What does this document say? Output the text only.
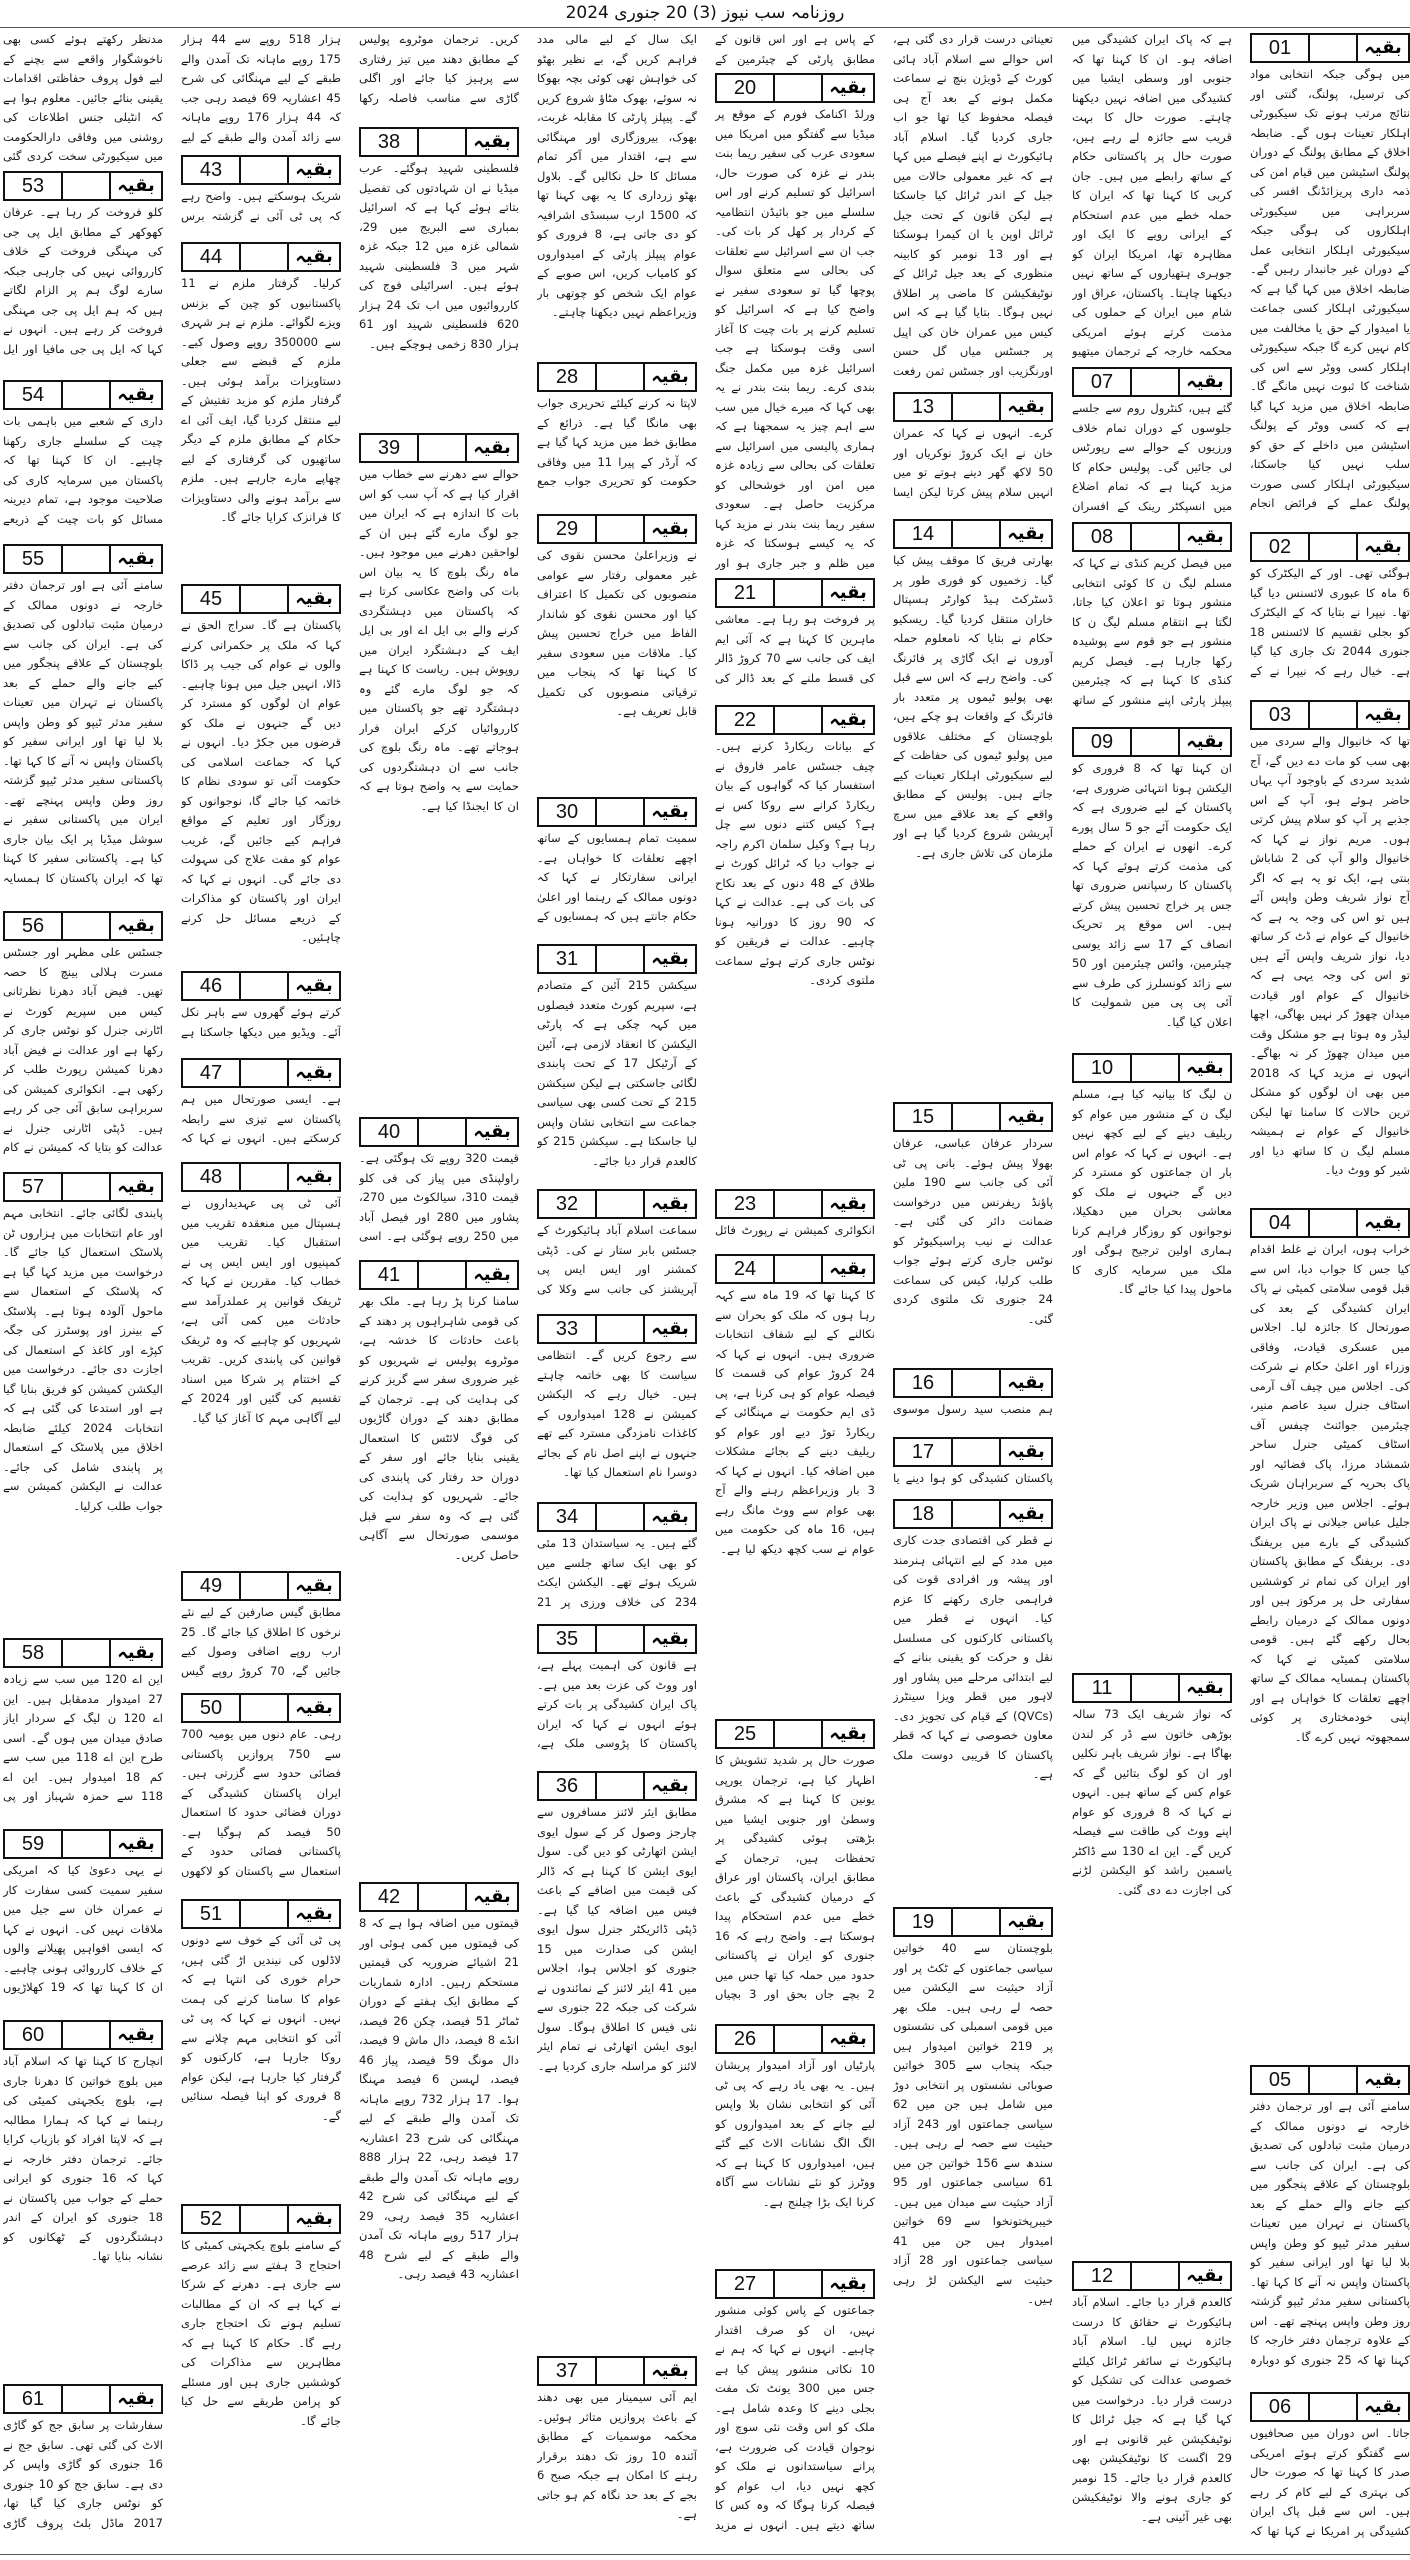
روزنامہ سب نیوز (3) 20 جنوری 2024
01	بقیہ
میں ہوگی جبکہ انتخابی مواد کی ترسیل، پولنگ، گنتی اور نتائج مرتب ہونے تک سیکیورٹی اہلکار تعینات ہوں گے۔ ضابطہ اخلاق کے مطابق پولنگ کے دوران پولنگ اسٹیشن میں قیام امن کی ذمہ داری پریزائڈنگ افسر کی سربراہی میں سیکیورٹی اہلکاروں کی ہوگی جبکہ سیکیورٹی اہلکار انتخابی عمل کے دوران غیر جانبدار رہیں گے۔ ضابطہ اخلاق میں کہا گیا ہے کہ سیکیورٹی اہلکار کسی جماعت یا امیدوار کے حق یا مخالفت میں کام نہیں کرے گا جبکہ سیکیورٹی اہلکار کسی ووٹر سے اس کی شناخت کا ثبوت نہیں مانگے گا۔ ضابطہ اخلاق میں مزید کہا گیا ہے کہ کسی ووٹر کے پولنگ اسٹیشن میں داخلے کے حق کو سلب نہیں کیا جاسکتا، سیکیورٹی اہلکار کسی صورت پولنگ عملے کے فرائض انجام
02	بقیہ
ہوگئی تھی۔ اور کے الیکٹرک کو 6 ماہ کا عبوری لائسنس دیا گیا تھا۔ نیپرا نے بتایا کہ کے الیکٹرک کو بجلی تقسیم کا لائسنس 18 جنوری 2044 تک جاری کیا گیا ہے۔ خیال رہے کہ نیپرا نے کے
03	بقیہ
تھا کہ خانیوال والے سردی میں بھی سب کو مات دے دیں گے، آج شدید سردی کے باوجود آپ یہاں حاضر ہوئے ہو، آپ کے اس جذبے پر آپ کو سلام پیش کرتی ہوں۔ مریم نواز نے کہا کہ خانیوال والو آپ کی 2 شاباش بنتی ہے، ایک تو یہ ہے کہ اگر آج نواز شریف وطن واپس آئے ہیں تو اس کی وجہ یہ ہے کہ خانیوال کے عوام نے ڈٹ کر ساتھ دیا، نواز شریف واپس آئے ہیں تو اس کی وجہ یہی ہے کہ خانیوال کے عوام اور قیادت میدان چھوڑ کر نہیں بھاگی، اچھا لیڈر وہ ہوتا ہے جو مشکل وقت میں میدان چھوڑ کر نہ بھاگے۔ انہوں نے مزید کہا کہ 2018 میں بھی ان لوگوں کو مشکل ترین حالات کا سامنا تھا لیکن خانیوال کے عوام نے ہمیشہ مسلم لیگ ن کا ساتھ دیا اور شیر کو ووٹ دیا۔
04	بقیہ
خراب ہوں، ایران نے غلط اقدام کیا جس کا جواب دیا، اس سے قبل قومی سلامتی کمیٹی نے پاک ایران کشیدگی کے بعد کی صورتحال کا جائزہ لیا۔ اجلاس میں عسکری قیادت، وفاقی وزراء اور اعلیٰ حکام نے شرکت کی۔ اجلاس میں چیف آف آرمی اسٹاف جنرل سید عاصم منیر، چیئرمین جوائنٹ چیفس آف اسٹاف کمیٹی جنرل ساحر شمشاد مرزا، پاک فضائیہ اور پاک بحریہ کے سربراہان شریک ہوئے۔ اجلاس میں وزیر خارجہ جلیل عباس جیلانی نے پاک ایران کشیدگی کے بارے میں بریفنگ دی۔ بریفنگ کے مطابق پاکستان اور ایران کی تمام تر کوششیں سفارتی حل پر مرکوز ہیں اور دونوں ممالک کے درمیان رابطے بحال رکھے گئے ہیں۔ قومی سلامتی کمیٹی نے کہا کہ پاکستان ہمسایہ ممالک کے ساتھ اچھے تعلقات کا خواہاں ہے اور اپنی خودمختاری پر کوئی سمجھوتہ نہیں کرے گا۔
05	بقیہ
سامنے آئی ہے اور ترجمان دفتر خارجہ نے دونوں ممالک کے درمیان مثبت تبادلوں کی تصدیق کی ہے۔ ایران کی جانب سے بلوچستان کے علاقے پنجگور میں کیے جانے والے حملے کے بعد پاکستان نے تہران میں تعینات سفیر مدثر ٹیپو کو وطن واپس بلا لیا تھا اور ایرانی سفیر کو پاکستان واپس نہ آنے کا کہا تھا۔ پاکستانی سفیر مدثر ٹیپو گزشتہ روز وطن واپس پہنچے تھے۔ اس کے علاوہ ترجمان دفتر خارجہ کا کہنا تھا کہ 25 جنوری کو دوبارہ
06	بقیہ
جاتا۔ اس دوران میں صحافیوں سے گفتگو کرتے ہوئے امریکی صدر کا کہنا تھا کہ صورت حال کی بہتری کے لیے کام کر رہے ہیں۔ اس سے قبل پاک ایران کشیدگی پر امریکا نے کہا تھا کہ
ہے کہ پاک ایران کشیدگی میں اضافہ ہو۔ ان کا کہنا تھا کہ جنوبی اور وسطی ایشیا میں کشیدگی میں اضافہ نہیں دیکھنا چاہتے۔ صورت حال کا بہت قریب سے جائزہ لے رہے ہیں، صورت حال پر پاکستانی حکام کے ساتھ رابطے میں ہیں۔ جان کربی کا کہنا تھا کہ ایران کا حملہ خطے میں عدم استحکام کے ایرانی رویے کا ایک اور مظاہرہ تھا، امریکا ایران کو جوہری ہتھیاروں کے ساتھ نہیں دیکھنا چاہتا۔ پاکستان، عراق اور شام میں ایران کے حملوں کی مذمت کرتے ہوئے امریکی محکمہ خارجہ کے ترجمان میتھیو
07	بقیہ
گئے ہیں، کنٹرول روم سے جلسے جلوسوں کے دوران تمام خلاف ورزیوں کے حوالے سے رپورٹس لی جائیں گی۔ پولیس حکام کا مزید کہنا ہے کہ تمام اضلاع میں انسپکٹر رینک کے افسران
08	بقیہ
میں فیصل کریم کنڈی نے کہا کہ مسلم لیگ ن کا کوئی انتخابی منشور ہوتا تو اعلان کیا جاتا، لگتا ہے انتقام مسلم لیگ ن کا منشور ہے جو قوم سے پوشیدہ رکھا جارہا ہے۔ فیصل کریم کنڈی کا کہنا ہے کہ چیئرمین پیپلز پارٹی اپنے منشور کے ساتھ
09	بقیہ
ان کہنا تھا کہ 8 فروری کو الیکشن ہونا انتہائی ضروری ہے، پاکستان کے لیے ضروری ہے کہ ایک حکومت آئے جو 5 سال پورے کرے۔ انھوں نے ایران کے حملے کی مذمت کرتے ہوئے کہا کہ پاکستان کا رسپانس ضروری تھا جس پر خراج تحسین پیش کرتے ہیں۔ اس موقع پر تحریک انصاف کے 17 سے زائد یوسی چیئرمین، وائس چیئرمین اور 50 سے زائد کونسلرز کی طرف سے آئی پی پی میں شمولیت کا اعلان کیا گیا۔
10	بقیہ
ن لیگ کا بیانیہ کیا ہے، مسلم لیگ ن کے منشور میں عوام کو ریلیف دینے کے لیے کچھ نہیں ہے۔ انہوں نے کہا کہ عوام اس بار ان جماعتوں کو مسترد کر دیں گے جنہوں نے ملک کو معاشی بحران میں دھکیلا، نوجوانوں کو روزگار فراہم کرنا ہماری اولین ترجیح ہوگی اور ملک میں سرمایہ کاری کا ماحول پیدا کیا جائے گا۔
11	بقیہ
کہ نواز شریف ایک 73 سالہ بوڑھی خاتون سے ڈر کر لندن بھاگا ہے۔ نواز شریف باہر نکلیں اور ان کو لوگ بتائیں گے کہ عوام کس کے ساتھ ہیں۔ انہوں نے کہا کہ 8 فروری کو عوام اپنے ووٹ کی طاقت سے فیصلہ کریں گے۔ این اے 130 سے ڈاکٹر یاسمین راشد کو الیکشن لڑنے کی اجازت دے دی گئی۔
12	بقیہ
کالعدم قرار دیا جائے۔ اسلام آباد ہائیکورٹ نے حقائق کا درست جائزہ نہیں لیا۔ اسلام آباد ہائیکورٹ نے سائفر ٹرائل کیلئے خصوصی عدالت کی تشکیل کو درست قرار دیا۔ درخواست میں کہا گیا ہے کہ جیل ٹرائل کا نوٹیفکیشن غیر قانونی ہے اور 29 اگست کا نوٹیفکیشن بھی کالعدم قرار دیا جائے۔ 15 نومبر کو جاری ہونے والا نوٹیفکیشن بھی غیر آئینی ہے۔
تعیناتی درست قرار دی گئی ہے، اس حوالے سے اسلام آباد ہائی کورٹ کے ڈویژن بنچ نے سماعت مکمل ہونے کے بعد آج ہی فیصلہ محفوظ کیا تھا جو اب جاری کردیا گیا۔ اسلام آباد ہائیکورٹ نے اپنے فیصلے میں کہا ہے کہ غیر معمولی حالات میں جیل کے اندر ٹرائل کیا جاسکتا ہے لیکن قانون کے تحت جیل ٹرائل اوپن یا ان کیمرا ہوسکتا ہے اور 13 نومبر کو کابینہ منظوری کے بعد جیل ٹرائل کے نوٹیفکیشن کا ماضی پر اطلاق نہیں ہوگا۔ بتایا گیا ہے کہ اس کیس میں عمران خان کی اپیل پر جسٹس میاں گل حسن اورنگزیب اور جسٹس ثمن رفعت
13	بقیہ
کرے۔ انہوں نے کہا کہ عمران خان نے ایک کروڑ نوکریاں اور 50 لاکھ گھر دینے ہوتے تو میں انہیں سلام پیش کرتا لیکن ایسا
14	بقیہ
بھارتی فریق کا موقف پیش کیا گیا۔ زخمیوں کو فوری طور پر ڈسٹرکٹ ہیڈ کوارٹر ہسپتال خاران منتقل کردیا گیا۔ ریسکیو حکام نے بتایا کہ نامعلوم حملہ آوروں نے ایک گاڑی پر فائرنگ کی۔ واضح رہے کہ اس سے قبل بھی پولیو ٹیموں پر متعدد بار فائرنگ کے واقعات ہو چکے ہیں، بلوچستان کے مختلف علاقوں میں پولیو ٹیموں کی حفاظت کے لیے سیکیورٹی اہلکار تعینات کیے جاتے ہیں۔ پولیس کے مطابق واقعے کے بعد علاقے میں سرچ آپریشن شروع کردیا گیا ہے اور ملزمان کی تلاش جاری ہے۔
15	بقیہ
سردار عرفان عباسی، عرفان بھولا پیش ہوئے۔ بانی پی ٹی آئی کی جانب سے 190 ملین پاؤنڈ ریفرنس میں درخواست ضمانت دائر کی گئی ہے۔ عدالت نے نیب پراسیکیوٹر کو نوٹس جاری کرتے ہوئے جواب طلب کرلیا، کیس کی سماعت 24 جنوری تک ملتوی کردی گئی۔
16	بقیہ
ہم منصب سید رسول موسوی
17	بقیہ
پاکستان کشیدگی کو ہوا دینے یا
18	بقیہ
نے قطر کی اقتصادی جدت کاری میں مدد کے لیے انتہائی ہنرمند اور پیشہ ور افرادی قوت کی فراہمی جاری رکھنے کا عزم کیا۔ انہوں نے قطر میں پاکستانی کارکنوں کی مسلسل نقل و حرکت کو یقینی بنانے کے لیے ابتدائی مرحلے میں پشاور اور لاہور میں قطر ویزا سینٹرز (QVCs) کے قیام کی تجویز دی۔ معاون خصوصی نے کہا کہ قطر پاکستان کا قریبی دوست ملک ہے۔
19	بقیہ
بلوچستان سے 40 خواتین سیاسی جماعتوں کے ٹکٹ پر اور آزاد حیثیت سے الیکشن میں حصہ لے رہی ہیں۔ ملک بھر میں قومی اسمبلی کی نشستوں پر 219 خواتین امیدوار ہیں جبکہ پنجاب سے 305 خواتین صوبائی نشستوں پر انتخابی دوڑ میں شامل ہیں جن میں 62 سیاسی جماعتوں اور 243 آزاد حیثیت سے حصہ لے رہی ہیں۔ سندھ سے 156 خواتین جن میں 61 سیاسی جماعتوں اور 95 آزاد حیثیت سے میدان میں ہیں۔ خیبرپختونخوا سے 69 خواتین امیدوار ہیں جن میں 41 سیاسی جماعتوں اور 28 آزاد حیثیت سے الیکشن لڑ رہی ہیں۔
کے پاس ہے اور اس قانون کے مطابق پارٹی کے چیئرمین کے
20	بقیہ
ورلڈ اکنامک فورم کے موقع پر میڈیا سے گفتگو میں امریکا میں سعودی عرب کی سفیر ریما بنت بندر نے غزہ کی صورت حال، اسرائیل کو تسلیم کرنے اور اس سلسلے میں جو بائیڈن انتظامیہ کے کردار پر کھل کر بات کی۔ جب ان سے اسرائیل سے تعلقات کی بحالی سے متعلق سوال پوچھا گیا تو سعودی سفیر نے واضح کیا ہے کہ اسرائیل کو تسلیم کرنے پر بات چیت کا آغاز اسی وقت ہوسکتا ہے جب اسرائیل غزہ میں مکمل جنگ بندی کرے۔ ریما بنت بندر نے یہ بھی کہا کہ میرے خیال میں سب سے اہم چیز یہ سمجھنا ہے کہ ہماری پالیسی میں اسرائیل سے تعلقات کی بحالی سے زیادہ غزہ میں امن اور خوشحالی کو مرکزیت حاصل ہے۔ سعودی سفیر ریما بنت بندر نے مزید کہا کہ یہ کیسے ہوسکتا کہ غزہ میں ظلم و جبر جاری ہو اور
21	بقیہ
پر فروخت ہو رہا ہے۔ معاشی ماہرین کا کہنا ہے کہ آئی ایم ایف کی جانب سے 70 کروڑ ڈالر کی قسط ملنے کے بعد ڈالر کی
22	بقیہ
کے بیانات ریکارڈ کرنے ہیں۔ چیف جسٹس عامر فاروق نے استفسار کیا کہ گواہوں کے بیان ریکارڈ کرانے سے روکا کس نے ہے؟ کیس کتنے دنوں سے چل رہا ہے؟ وکیل سلمان اکرم راجہ نے جواب دیا کہ ٹرائل کورٹ نے طلاق کے 48 دنوں کے بعد نکاح کی بات کی ہے۔ عدالت نے کہا کہ 90 روز کا دورانیہ ہونا چاہیے۔ عدالت نے فریقین کو نوٹس جاری کرتے ہوئے سماعت ملتوی کردی۔
23	بقیہ
انکوائری کمیشن نے رپورٹ فائل
24	بقیہ
کا کہنا تھا کہ 19 ماہ سے کہہ رہا ہوں کہ ملک کو بحران سے نکالنے کے لیے شفاف انتخابات ضروری ہیں۔ انہوں نے کہا کہ 24 کروڑ عوام کی قسمت کا فیصلہ عوام کو ہی کرنا ہے، پی ڈی ایم حکومت نے مہنگائی کے ریکارڈ توڑ دیے اور عوام کو ریلیف دینے کے بجائے مشکلات میں اضافہ کیا۔ انہوں نے کہا کہ 3 بار وزیراعظم رہنے والے آج بھی عوام سے ووٹ مانگ رہے ہیں، 16 ماہ کی حکومت میں عوام نے سب کچھ دیکھ لیا ہے۔
25	بقیہ
صورت حال پر شدید تشویش کا اظہار کیا ہے، ترجمان یورپی یونین کا کہنا ہے کہ مشرق وسطیٰ اور جنوبی ایشیا میں بڑھتی ہوئی کشیدگی پر تحفظات ہیں، ترجمان کے مطابق ایران، پاکستان اور عراق کے درمیان کشیدگی کے باعث خطے میں عدم استحکام پیدا ہوسکتا ہے۔ واضح رہے کہ 16 جنوری کو ایران نے پاکستانی حدود میں حملہ کیا تھا جس میں 2 بچے جاں بحق اور 3 بچیاں
26	بقیہ
پارٹیاں اور آزاد امیدوار پریشان ہیں۔ یہ بھی یاد رہے کہ پی ٹی آئی کو انتخابی نشان بلا واپس لیے جانے کے بعد امیدواروں کو الگ الگ نشانات الاٹ کیے گئے ہیں، امیدواروں کا کہنا ہے کہ ووٹرز کو نئے نشانات سے آگاہ کرنا ایک بڑا چیلنج ہے۔
27	بقیہ
جماعتوں کے پاس کوئی منشور نہیں، ان کو صرف اقتدار چاہیے۔ انہوں نے کہا کہ ہم نے 10 نکاتی منشور پیش کیا ہے جس میں 300 یونٹ تک مفت بجلی دینے کا وعدہ شامل ہے۔ ملک کو اس وقت نئی سوچ اور نوجوان قیادت کی ضرورت ہے، پرانے سیاستدانوں نے ملک کو کچھ نہیں دیا، اب عوام کو فیصلہ کرنا ہوگا کہ وہ کس کا ساتھ دیتے ہیں۔ انہوں نے مزید
ایک سال کے لیے مالی مدد فراہم کریں گے، بے نظیر بھٹو کی خواہش تھی کوئی بچہ بھوکا نہ سوئے، بھوک مٹاؤ شروع کریں گے۔ پیپلز پارٹی کا مقابلہ غربت، بھوک، بیروزگاری اور مہنگائی سے ہے، اقتدار میں آکر تمام مسائل کا حل نکالیں گے۔ بلاول بھٹو زرداری کا یہ بھی کہنا تھا کہ 1500 ارب سبسڈی اشرافیہ کو دی جاتی ہے، 8 فروری کو عوام پیپلز پارٹی کے امیدواروں کو کامیاب کریں، اس صوبے کے عوام ایک شخص کو چوتھی بار وزیراعظم نہیں دیکھنا چاہتے۔
28	بقیہ
لاپتا نہ کرنے کیلئے تحریری جواب بھی مانگا گیا ہے۔ ذرائع کے مطابق خط میں مزید کہا گیا ہے کہ آرڈر کے پیرا 11 میں وفاقی حکومت کو تحریری جواب جمع
29	بقیہ
نے وزیراعلیٰ محسن نقوی کی غیر معمولی رفتار سے عوامی منصوبوں کی تکمیل کا اعتراف کیا اور محسن نقوی کو شاندار الفاظ میں خراج تحسین پیش کیا۔ ملاقات میں سعودی سفیر کا کہنا تھا کہ پنجاب میں ترقیاتی منصوبوں کی تکمیل قابل تعریف ہے۔
30	بقیہ
سمیت تمام ہمسایوں کے ساتھ اچھے تعلقات کا خواہاں ہے۔ ایرانی سفارتکار نے کہا کہ دونوں ممالک کے رہنما اور اعلیٰ حکام جانتے ہیں کہ ہمسایوں کے
31	بقیہ
سیکشن 215 آئین کے متصادم ہے، سپریم کورٹ متعدد فیصلوں میں کہہ چکی ہے کہ پارٹی الیکشن کا انعقاد لازمی ہے، آئین کے آرٹیکل 17 کے تحت پابندی لگائی جاسکتی ہے لیکن سیکشن 215 کے تحت کسی بھی سیاسی جماعت سے انتخابی نشان واپس لیا جاسکتا ہے۔ سیکشن 215 کو کالعدم قرار دیا جائے۔
32	بقیہ
سماعت اسلام آباد ہائیکورٹ کے جسٹس بابر ستار نے کی۔ ڈپٹی کمشنر اور ایس ایس پی آپریشنز کی جانب سے وکلا کی
33	بقیہ
سے رجوع کریں گے۔ انتظامی سیاست کا بھی خاتمہ چاہتے ہیں۔ خیال رہے کہ الیکشن کمیشن نے 128 امیدواروں کے کاغذات نامزدگی مسترد کیے تھے جنہوں نے اپنے اصل نام کے بجائے دوسرا نام استعمال کیا تھا۔
34	بقیہ
گئے ہیں۔ یہ سیاستدان 13 مئی کو بھی ایک ساتھ جلسے میں شریک ہوئے تھے۔ الیکشن ایکٹ 234 کی خلاف ورزی پر 21
35	بقیہ
ہے قانون کی اہمیت پہلے ہے، اور ووٹ کی عزت بعد میں ہے۔ پاک ایران کشیدگی پر بات کرتے ہوئے انہوں نے کہا کہ ایران پاکستان کا پڑوسی ملک ہے،
36	بقیہ
مطابق ایئر لائنز مسافروں سے چارجز وصول کر کے سول ایوی ایشن اتھارٹی کو دیں گی۔ سول ایوی ایشن کا کہنا ہے کہ ڈالر کی قیمت میں اضافے کے باعث فیس میں اضافہ کیا گیا ہے۔ ڈپٹی ڈائریکٹر جنرل سول ایوی ایشن کی صدارت میں 15 جنوری کو اجلاس ہوا، اجلاس میں 41 ایئر لائنز کے نمائندوں نے شرکت کی جبکہ 22 جنوری سے نئی فیس کا اطلاق ہوگا۔ سول ایوی ایشن اتھارٹی نے تمام ایئر لائنز کو مراسلہ جاری کردیا ہے۔
37	بقیہ
ایم آئی سیمینار میں بھی دھند کے باعث پروازیں متاثر ہوئیں۔ محکمہ موسمیات کے مطابق آئندہ 10 روز تک دھند برقرار رہنے کا امکان ہے جبکہ صبح 6 بجے کے بعد حد نگاہ کم ہو جاتی ہے۔
کریں۔ ترجمان موٹروے پولیس کے مطابق دھند میں تیز رفتاری سے پرہیز کیا جائے اور اگلی گاڑی سے مناسب فاصلہ رکھا
38	بقیہ
فلسطینی شہید ہوگئے۔ عرب میڈیا نے ان شہادتوں کی تفصیل بتاتے ہوئے کہا ہے کہ اسرائیل بمباری سے البریج میں 29، شمالی غزہ میں 12 جبکہ غزہ شہر میں 3 فلسطینی شہید ہوئے ہیں۔ اسرائیلی فوج کی کارروائیوں میں اب تک 24 ہزار 620 فلسطینی شہید اور 61 ہزار 830 زخمی ہوچکے ہیں۔
39	بقیہ
حوالے سے دھرنے سے خطاب میں اقرار کیا ہے کہ آپ سب کو اس بات کا اندازہ ہے کہ ایران میں جو لوگ مارے گئے ہیں ان کے لواحقین دھرنے میں موجود ہیں۔ ماہ رنگ بلوچ کا یہ بیان اس بات کی واضح عکاسی کرتا ہے کہ پاکستان میں دہشتگردی کرنے والے بی ایل اے اور بی ایل ایف کے دہشتگرد ایران میں روپوش ہیں۔ ریاست کا کہنا ہے کہ جو لوگ مارے گئے وہ دہشتگرد تھے جو پاکستان میں کارروائیاں کرکے ایران فرار ہوجاتے تھے۔ ماہ رنگ بلوچ کی جانب سے ان دہشتگردوں کی حمایت سے یہ واضح ہوتا ہے کہ ان کا ایجنڈا کیا ہے۔
40	بقیہ
قیمت 320 روپے تک ہوگئی ہے۔ راولپنڈی میں پیاز کی فی کلو قیمت 310، سیالکوٹ میں 270، پشاور میں 280 اور فیصل آباد میں 250 روپے ہوگئی ہے۔ اسی
41	بقیہ
سامنا کرنا پڑ رہا ہے۔ ملک بھر کی قومی شاہراہوں پر دھند کے باعث حادثات کا خدشہ ہے، موٹروے پولیس نے شہریوں کو غیر ضروری سفر سے گریز کرنے کی ہدایت کی ہے۔ ترجمان کے مطابق دھند کے دوران گاڑیوں کی فوگ لائٹس کا استعمال یقینی بنایا جائے اور سفر کے دوران حد رفتار کی پابندی کی جائے۔ شہریوں کو ہدایت کی گئی ہے کہ وہ سفر سے قبل موسمی صورتحال سے آگاہی حاصل کریں۔
42	بقیہ
قیمتوں میں اضافہ ہوا ہے کہ 8 کی قیمتوں میں کمی ہوئی اور 21 اشیائے ضروریہ کی قیمتیں مستحکم رہیں۔ ادارہ شماریات کے مطابق ایک ہفتے کے دوران ٹماٹر 51 فیصد، چکن 26 فیصد، انڈے 8 فیصد، دال ماش 9 فیصد، دال مونگ 59 فیصد، پیاز 46 فیصد، لہسن 6 فیصد مہنگا ہوا۔ 17 ہزار 732 روپے ماہانہ تک آمدن والے طبقے کے لیے مہنگائی کی شرح 23 اعشاریہ 17 فیصد رہی، 22 ہزار 888 روپے ماہانہ تک آمدن والے طبقے کے لیے مہنگائی کی شرح 42 اعشاریہ 35 فیصد رہی، 29 ہزار 517 روپے ماہانہ تک آمدن والے طبقے کے لیے شرح 48 اعشاریہ 43 فیصد رہی۔
ہزار 518 روپے سے 44 ہزار 175 روپے ماہانہ تک آمدن والے طبقے کے لیے مہنگائی کی شرح 45 اعشاریہ 69 فیصد رہی جب کہ 44 ہزار 176 روپے ماہانہ سے زائد آمدن والے طبقے کے لیے
43	بقیہ
شریک ہوسکتے ہیں۔ واضح رہے کہ پی ٹی آئی نے گزشتہ برس
44	بقیہ
کرلیا۔ گرفتار ملزم نے 11 پاکستانیوں کو چین کے بزنس ویزے لگوائے۔ ملزم نے ہر شہری سے 350000 روپے وصول کیے۔ ملزم کے قبضے سے جعلی دستاویزات برآمد ہوئی ہیں۔ گرفتار ملزم کو مزید تفتیش کے لیے منتقل کردیا گیا، ایف آئی اے حکام کے مطابق ملزم کے دیگر ساتھیوں کی گرفتاری کے لیے چھاپے مارے جارہے ہیں۔ ملزم سے برآمد ہونے والی دستاویزات کا فرانزک کرایا جائے گا۔
45	بقیہ
پاکستان ہے گا۔ سراج الحق نے کہا کہ ملک پر حکمرانی کرنے والوں نے عوام کی جیب پر ڈاکا ڈالا، انہیں جیل میں ہونا چاہیے۔ عوام ان لوگوں کو مسترد کر دیں گے جنہوں نے ملک کو قرضوں میں جکڑ دیا۔ انہوں نے کہا کہ جماعت اسلامی کی حکومت آئی تو سودی نظام کا خاتمہ کیا جائے گا، نوجوانوں کو روزگار اور تعلیم کے مواقع فراہم کیے جائیں گے، غریب عوام کو مفت علاج کی سہولت دی جائے گی۔ انہوں نے کہا کہ ایران اور پاکستان کو مذاکرات کے ذریعے مسائل حل کرنے چاہئیں۔
46	بقیہ
کرتے ہوئے گھروں سے باہر نکل آئے۔ ویڈیو میں دیکھا جاسکتا ہے
47	بقیہ
ہے۔ ایسی صورتحال میں ہم پاکستان سے تیزی سے رابطہ کرسکتے ہیں۔ انہوں نے کہا کہ
48	بقیہ
آئی ٹی پی عہدیداروں نے ہسپتال میں منعقدہ تقریب میں استقبال کیا۔ تقریب میں کمپنیوں اور ایس ایس پی نے خطاب کیا۔ مقررین نے کہا کہ ٹریفک قوانین پر عملدرآمد سے حادثات میں کمی آئی ہے، شہریوں کو چاہیے کہ وہ ٹریفک قوانین کی پابندی کریں۔ تقریب کے اختتام پر شرکا میں اسناد تقسیم کی گئیں اور 2024 کے لیے آگاہی مہم کا آغاز کیا گیا۔
49	بقیہ
مطابق گیس صارفین کے لیے نئے نرخوں کا اطلاق کیا جائے گا۔ 25 ارب روپے اضافی وصول کیے جائیں گے، 70 کروڑ روپے گیس
50	بقیہ
رہی۔ عام دنوں میں یومیہ 700 سے 750 پروازیں پاکستانی فضائی حدود سے گزرتی ہیں۔ ایران پاکستان کشیدگی کے دوران فضائی حدود کا استعمال 50 فیصد کم ہوگیا ہے۔ پاکستانی فضائی حدود کے استعمال سے پاکستان کو لاکھوں
51	بقیہ
پی ٹی آئی کے خوف سے دونوں لاڈلوں کی نیندیں اڑ گئی ہیں، حرام خوری کی انتہا ہے کہ عوام کا سامنا کرنے کی ہمت نہیں۔ انہوں نے کہا کہ پی ٹی آئی کو انتخابی مہم چلانے سے روکا جارہا ہے، کارکنوں کو گرفتار کیا جارہا ہے، لیکن عوام 8 فروری کو اپنا فیصلہ سنائیں گے۔
52	بقیہ
کے سامنے بلوچ یکجہتی کمیٹی کا احتجاج 3 ہفتے سے زائد عرصے سے جاری ہے۔ دھرنے کے شرکا نے کہا ہے کہ ان کے مطالبات تسلیم ہونے تک احتجاج جاری رہے گا۔ حکام کا کہنا ہے کہ مظاہرین سے مذاکرات کی کوششیں جاری ہیں اور مسئلے کو پرامن طریقے سے حل کیا جائے گا۔
مدنظر رکھتے ہوئے کسی بھی ناخوشگوار واقعے سے بچنے کے لیے فول پروف حفاظتی اقدامات یقینی بنائے جائیں۔ معلوم ہوا ہے کہ انٹیلی جنس اطلاعات کی روشنی میں وفاقی دارالحکومت میں سیکیورٹی سخت کردی گئی
53	بقیہ
کلو فروخت کر رہا ہے۔ عرفان کھوکھر کے مطابق ایل پی جی کی مہنگی فروخت کے خلاف کارروائی نہیں کی جارہی جبکہ سارے لوگ ہم پر الزام لگاتے ہیں کہ ہم ایل پی جی مہنگی فروخت کر رہے ہیں۔ انہوں نے کہا کہ ایل پی جی مافیا اور ایل
54	بقیہ
داری کے شعبے میں باہمی بات چیت کے سلسلے جاری رکھنا چاہیے۔ ان کا کہنا تھا کہ پاکستان میں سرمایہ کاری کی صلاحیت موجود ہے، تمام دیرینہ مسائل کو بات چیت کے ذریعے
55	بقیہ
سامنے آئی ہے اور ترجمان دفتر خارجہ نے دونوں ممالک کے درمیان مثبت تبادلوں کی تصدیق کی ہے۔ ایران کی جانب سے بلوچستان کے علاقے پنجگور میں کیے جانے والے حملے کے بعد پاکستان نے تہران میں تعینات سفیر مدثر ٹیپو کو وطن واپس بلا لیا تھا اور ایرانی سفیر کو پاکستان واپس نہ آنے کا کہا تھا۔ پاکستانی سفیر مدثر ٹیپو گزشتہ روز وطن واپس پہنچے تھے۔ ایران میں پاکستانی سفیر نے سوشل میڈیا پر ایک بیان جاری کیا ہے۔ پاکستانی سفیر کا کہنا تھا کہ ایران پاکستان کا ہمسایہ
56	بقیہ
جسٹس علی مظہر اور جسٹس مسرت ہلالی بینچ کا حصہ تھیں۔ فیض آباد دھرنا نظرثانی کیس میں سپریم کورٹ نے اٹارنی جنرل کو نوٹس جاری کر رکھا ہے اور عدالت نے فیض آباد دھرنا کمیشن رپورٹ طلب کر رکھی ہے۔ انکوائری کمیشن کی سربراہی سابق آئی جی کر رہے ہیں۔ ڈپٹی اٹارنی جنرل نے عدالت کو بتایا کہ کمیشن نے کام
57	بقیہ
پابندی لگائی جائے۔ انتخابی مہم اور عام انتخابات میں ہزاروں ٹن پلاسٹک استعمال کیا جائے گا۔ درخواست میں مزید کہا گیا ہے کہ پلاسٹک کے استعمال سے ماحول آلودہ ہوتا ہے۔ پلاسٹک کے بینرز اور پوسٹرز کی جگہ کپڑے اور کاغذ کے استعمال کی اجازت دی جائے۔ درخواست میں الیکشن کمیشن کو فریق بنایا گیا ہے اور استدعا کی گئی ہے کہ انتخابات 2024 کیلئے ضابطہ اخلاق میں پلاسٹک کے استعمال پر پابندی شامل کی جائے۔ عدالت نے الیکشن کمیشن سے جواب طلب کرلیا۔
58	بقیہ
این اے 120 میں سب سے زیادہ 27 امیدوار مدمقابل ہیں۔ این اے 120 ن لیگ کے سردار ایاز صادق میدان میں ہوں گے۔ اسی طرح این اے 118 میں سب سے کم 18 امیدوار ہیں۔ این اے 118 سے حمزہ شہباز اور پی
59	بقیہ
نے یہی دعویٰ کیا کہ امریکی سفیر سمیت کسی سفارت کار نے عمران خان سے جیل میں ملاقات نہیں کی۔ انہوں نے کہا کہ ایسی افواہیں پھیلانے والوں کے خلاف کارروائی ہونی چاہیے۔ ان کا کہنا تھا کہ 19 کھلاڑیوں
60	بقیہ
انچارج کا کہنا تھا کہ اسلام آباد میں بلوچ خواتین کا دھرنا جاری ہے، بلوچ یکجہتی کمیٹی کی رہنما نے کہا کہ ہمارا مطالبہ ہے کہ لاپتا افراد کو بازیاب کرایا جائے۔ ترجمان دفتر خارجہ نے کہا کہ 16 جنوری کو ایرانی حملے کے جواب میں پاکستان نے 18 جنوری کو ایران کے اندر دہشتگردوں کے ٹھکانوں کو نشانہ بنایا تھا۔
61	بقیہ
سفارشات پر سابق جج کو گاڑی الاٹ کی گئی تھی۔ سابق جج نے 16 جنوری کو گاڑی واپس کر دی ہے۔ سابق جج کو 10 جنوری کو نوٹس جاری کیا گیا تھا، 2017 ماڈل بلٹ پروف گاڑی
